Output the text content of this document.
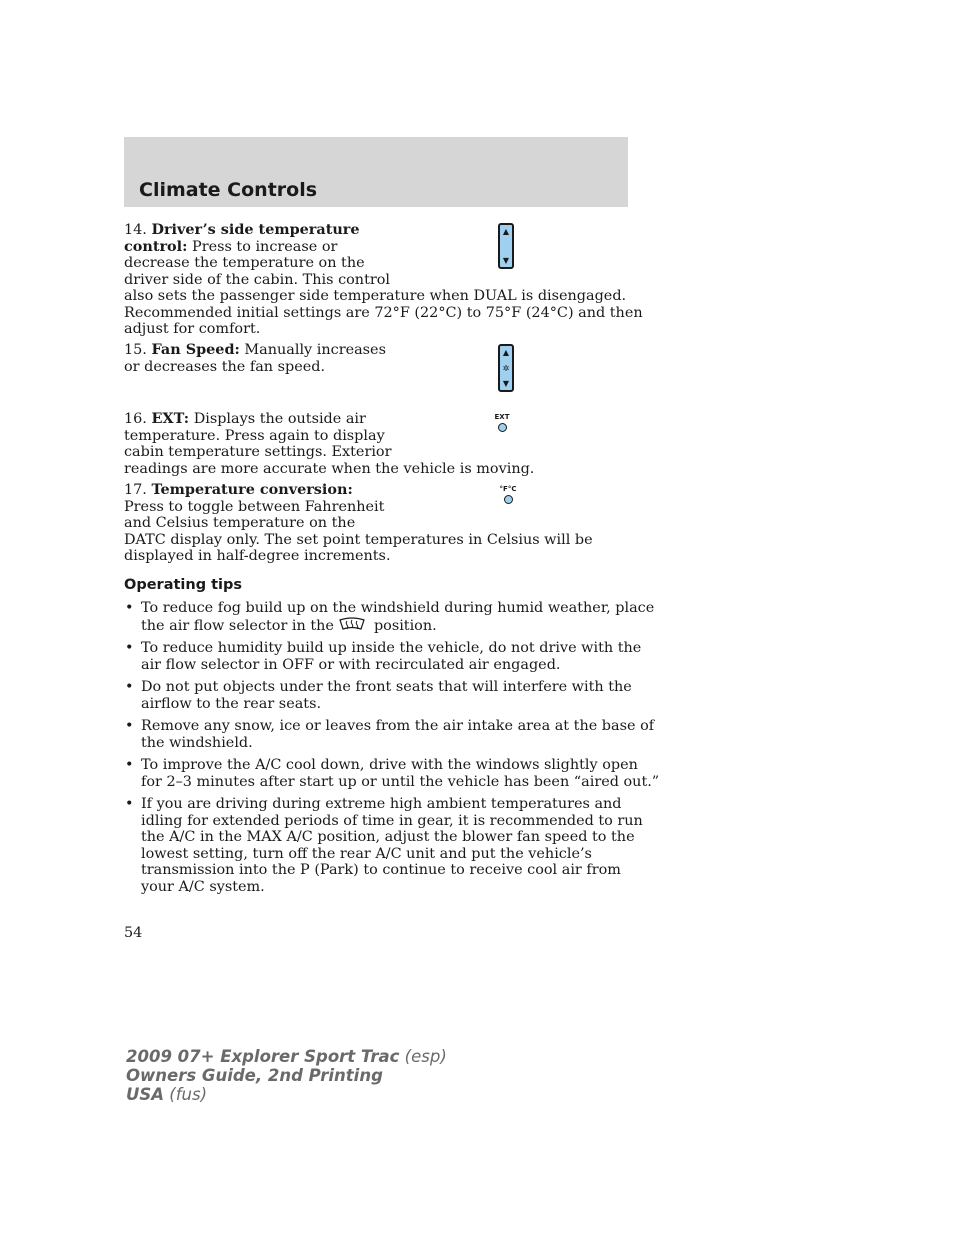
Climate Controls
14. Driver’s side temperature
control: Press to increase or
decrease the temperature on the
driver side of the cabin. This control
also sets the passenger side temperature when DUAL is disengaged.
Recommended initial settings are 72°F (22°C) to 75°F (24°C) and then
adjust for comfort.
▲
▼
15. Fan Speed: Manually increases
or decreases the fan speed.
▲
✲
▼
16. EXT: Displays the outside air
temperature. Press again to display
cabin temperature settings. Exterior
readings are more accurate when the vehicle is moving.
EXT
17. Temperature conversion:
Press to toggle between Fahrenheit
and Celsius temperature on the
DATC display only. The set point temperatures in Celsius will be
displayed in half-degree increments.
°F°C
Operating tips
• To reduce fog build up on the windshield during humid weather, place
the air flow selector in the	position.
• To reduce humidity build up inside the vehicle, do not drive with the
air flow selector in OFF or with recirculated air engaged.
• Do not put objects under the front seats that will interfere with the
airflow to the rear seats.
• Remove any snow, ice or leaves from the air intake area at the base of
the windshield.
• To improve the A/C cool down, drive with the windows slightly open
for 2–3 minutes after start up or until the vehicle has been “aired out.”
• If you are driving during extreme high ambient temperatures and
idling for extended periods of time in gear, it is recommended to run
the A/C in the MAX A/C position, adjust the blower fan speed to the
lowest setting, turn off the rear A/C unit and put the vehicle’s
transmission into the P (Park) to continue to receive cool air from
your A/C system.
54
2009 07+ Explorer Sport Trac (esp)
Owners Guide, 2nd Printing
USA (fus)
